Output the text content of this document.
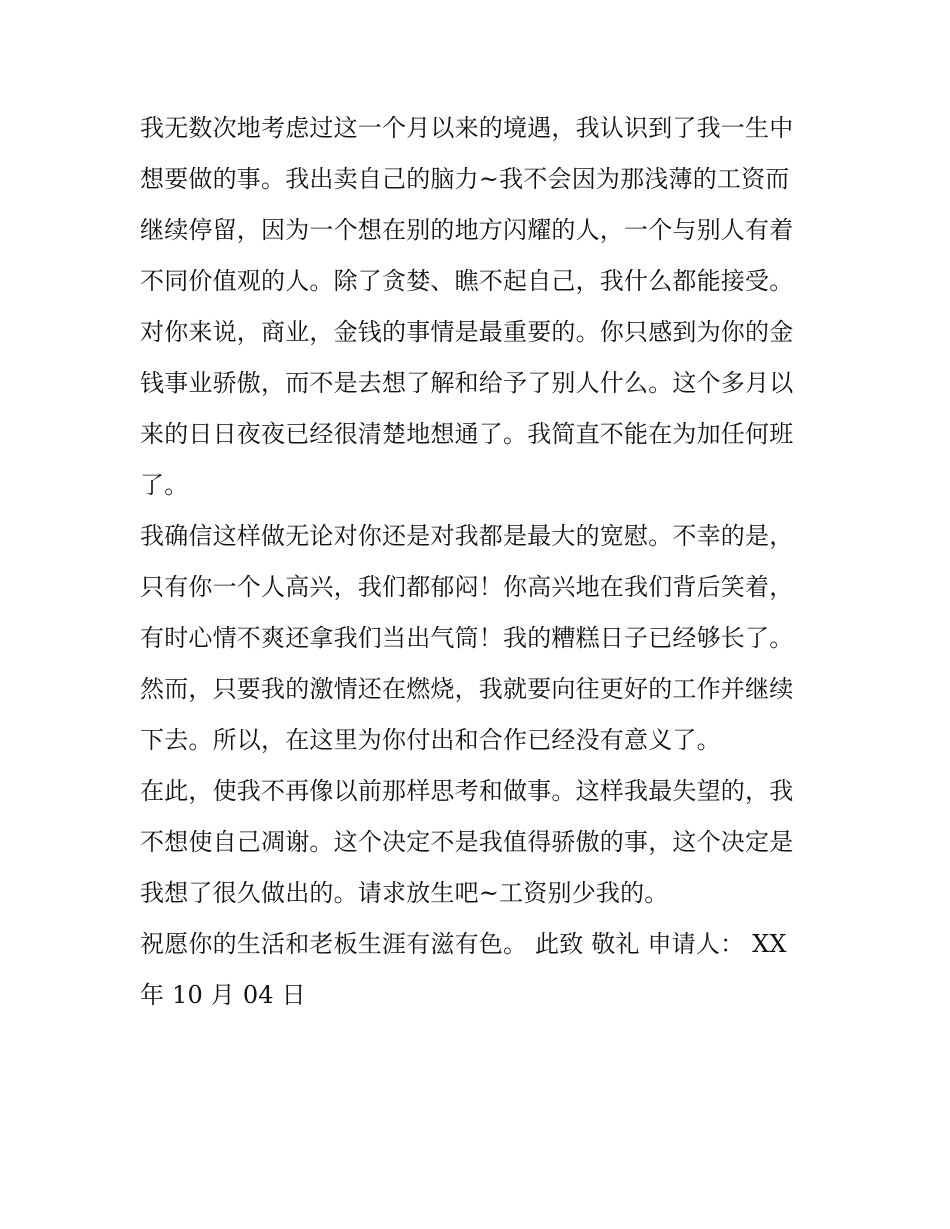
我无数次地考虑过这一个月以来的境遇，我认识到了我一生中
想要做的事。我出卖自己的脑力~我不会因为那浅薄的工资而
继续停留，因为一个想在别的地方闪耀的人，一个与别人有着
不同价值观的人。除了贪婪、瞧不起自己，我什么都能接受。
对你来说，商业，金钱的事情是最重要的。你只感到为你的金
钱事业骄傲，而不是去想了解和给予了别人什么。这个多月以
来的日日夜夜已经很清楚地想通了。我简直不能在为加任何班
了。
我确信这样做无论对你还是对我都是最大的宽慰。不幸的是，
只有你一个人高兴，我们都郁闷！你高兴地在我们背后笑着，
有时心情不爽还拿我们当出气筒！我的糟糕日子已经够长了。
然而，只要我的激情还在燃烧，我就要向往更好的工作并继续
下去。所以，在这里为你付出和合作已经没有意义了。
在此，使我不再像以前那样思考和做事。这样我最失望的，我
不想使自己凋谢。这个决定不是我值得骄傲的事，这个决定是
我想了很久做出的。请求放生吧~工资别少我的。
祝愿你的生活和老板生涯有滋有色。 此致 敬礼 申请人： XX
年 10 月 04 日
